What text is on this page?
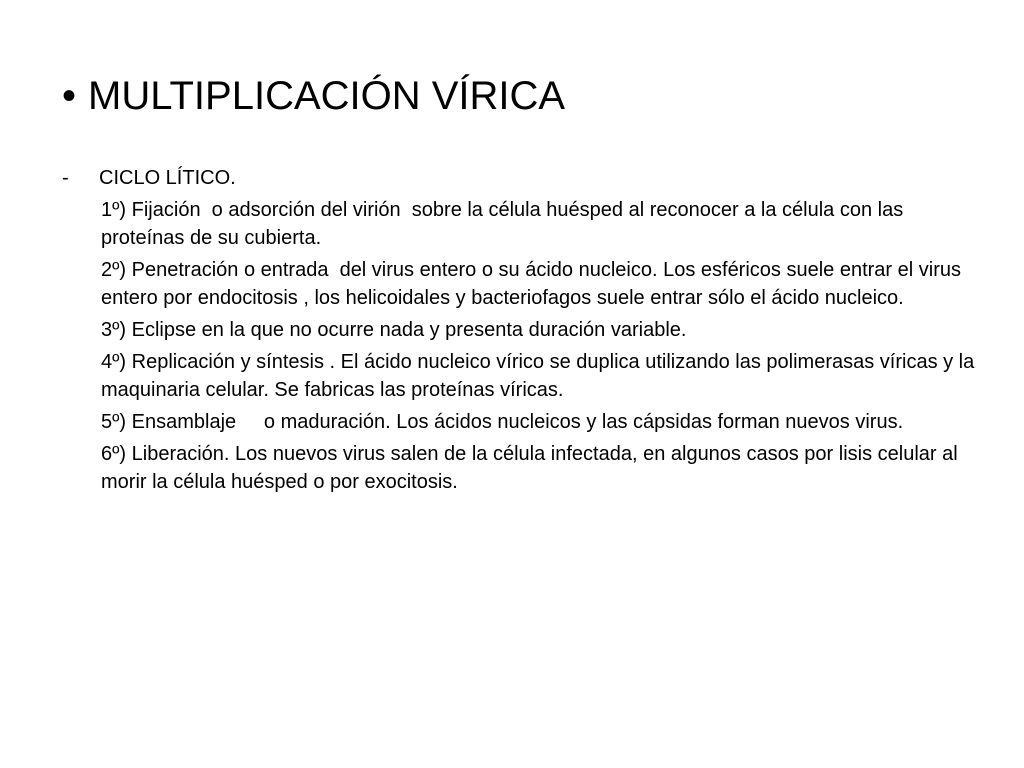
• MULTIPLICACIÓN VÍRICA
- CICLO LÍTICO.
1º) Fijación  o adsorción del virión  sobre la célula huésped al reconocer a la célula con las proteínas de su cubierta.
2º) Penetración o entrada  del virus entero o su ácido nucleico. Los esféricos suele entrar el virus entero por endocitosis , los helicoidales y bacteriofagos suele entrar sólo el ácido nucleico.
3º) Eclipse en la que no ocurre nada y presenta duración variable.
4º) Replicación y síntesis . El ácido nucleico vírico se duplica utilizando las polimerasas víricas y la maquinaria celular. Se fabricas las proteínas víricas.
5º) Ensamblaje     o maduración. Los ácidos nucleicos y las cápsidas forman nuevos virus.
6º) Liberación. Los nuevos virus salen de la célula infectada, en algunos casos por lisis celular al morir la célula huésped o por exocitosis.
